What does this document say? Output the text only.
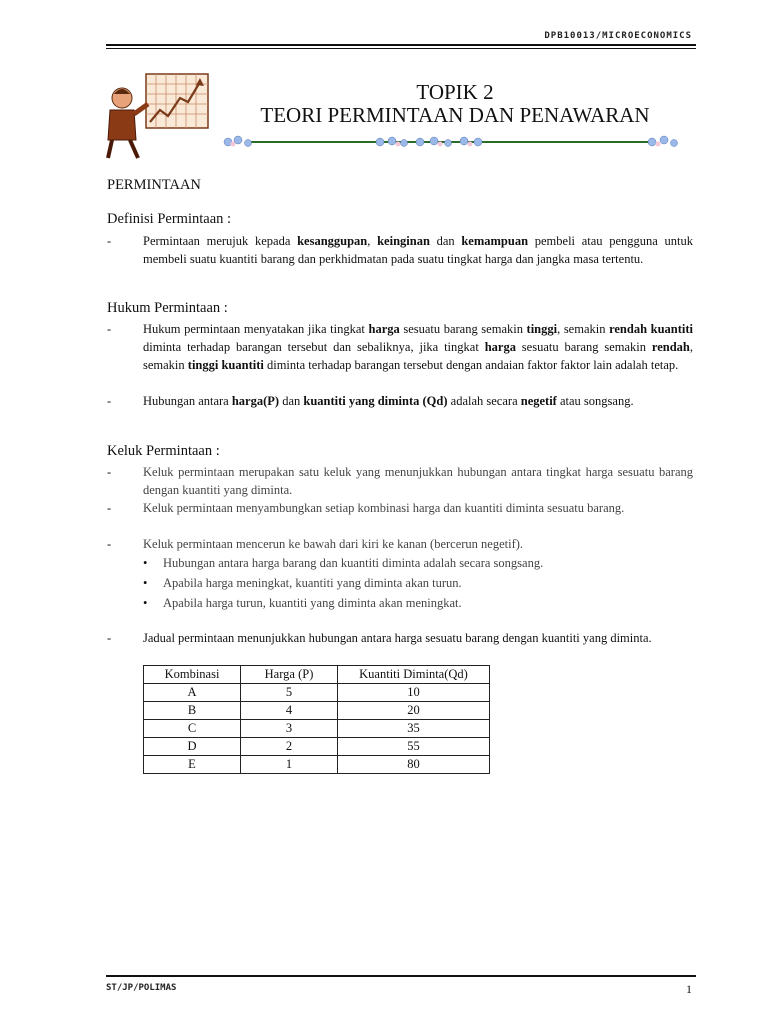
DPB10013/MICROECONOMICS
TOPIK 2
TEORI PERMINTAAN DAN PENAWARAN
PERMINTAAN
Definisi Permintaan :
-	Permintaan merujuk kepada kesanggupan, keinginan dan kemampuan pembeli atau pengguna untuk membeli suatu kuantiti barang dan perkhidmatan pada suatu tingkat harga dan jangka masa tertentu.
Hukum Permintaan :
-	Hukum permintaan menyatakan jika tingkat harga sesuatu barang semakin tinggi, semakin rendah kuantiti diminta terhadap barangan tersebut dan sebaliknya, jika tingkat harga sesuatu barang semakin rendah, semakin tinggi kuantiti diminta terhadap barangan tersebut dengan andaian faktor faktor lain adalah tetap.
-	Hubungan antara harga(P) dan kuantiti yang diminta (Qd) adalah secara negetif atau songsang.
Keluk Permintaan :
-	Keluk permintaan merupakan satu keluk yang menunjukkan hubungan antara tingkat harga sesuatu barang dengan kuantiti yang diminta.
-	Keluk permintaan menyambungkan setiap kombinasi harga dan kuantiti diminta sesuatu barang.
-	Keluk permintaan mencerun ke bawah dari kiri ke kanan (bercerun negetif).
• Hubungan antara harga barang dan kuantiti diminta adalah secara songsang.
• Apabila harga meningkat, kuantiti yang diminta akan turun.
• Apabila harga turun, kuantiti yang diminta akan meningkat.
-	Jadual permintaan menunjukkan hubungan antara harga sesuatu barang dengan kuantiti yang diminta.
Kombinasi	Harga (P)	Kuantiti Diminta(Qd)
A	5	10
B	4	20
C	3	35
D	2	55
E	1	80
ST/JP/POLIMAS	1
